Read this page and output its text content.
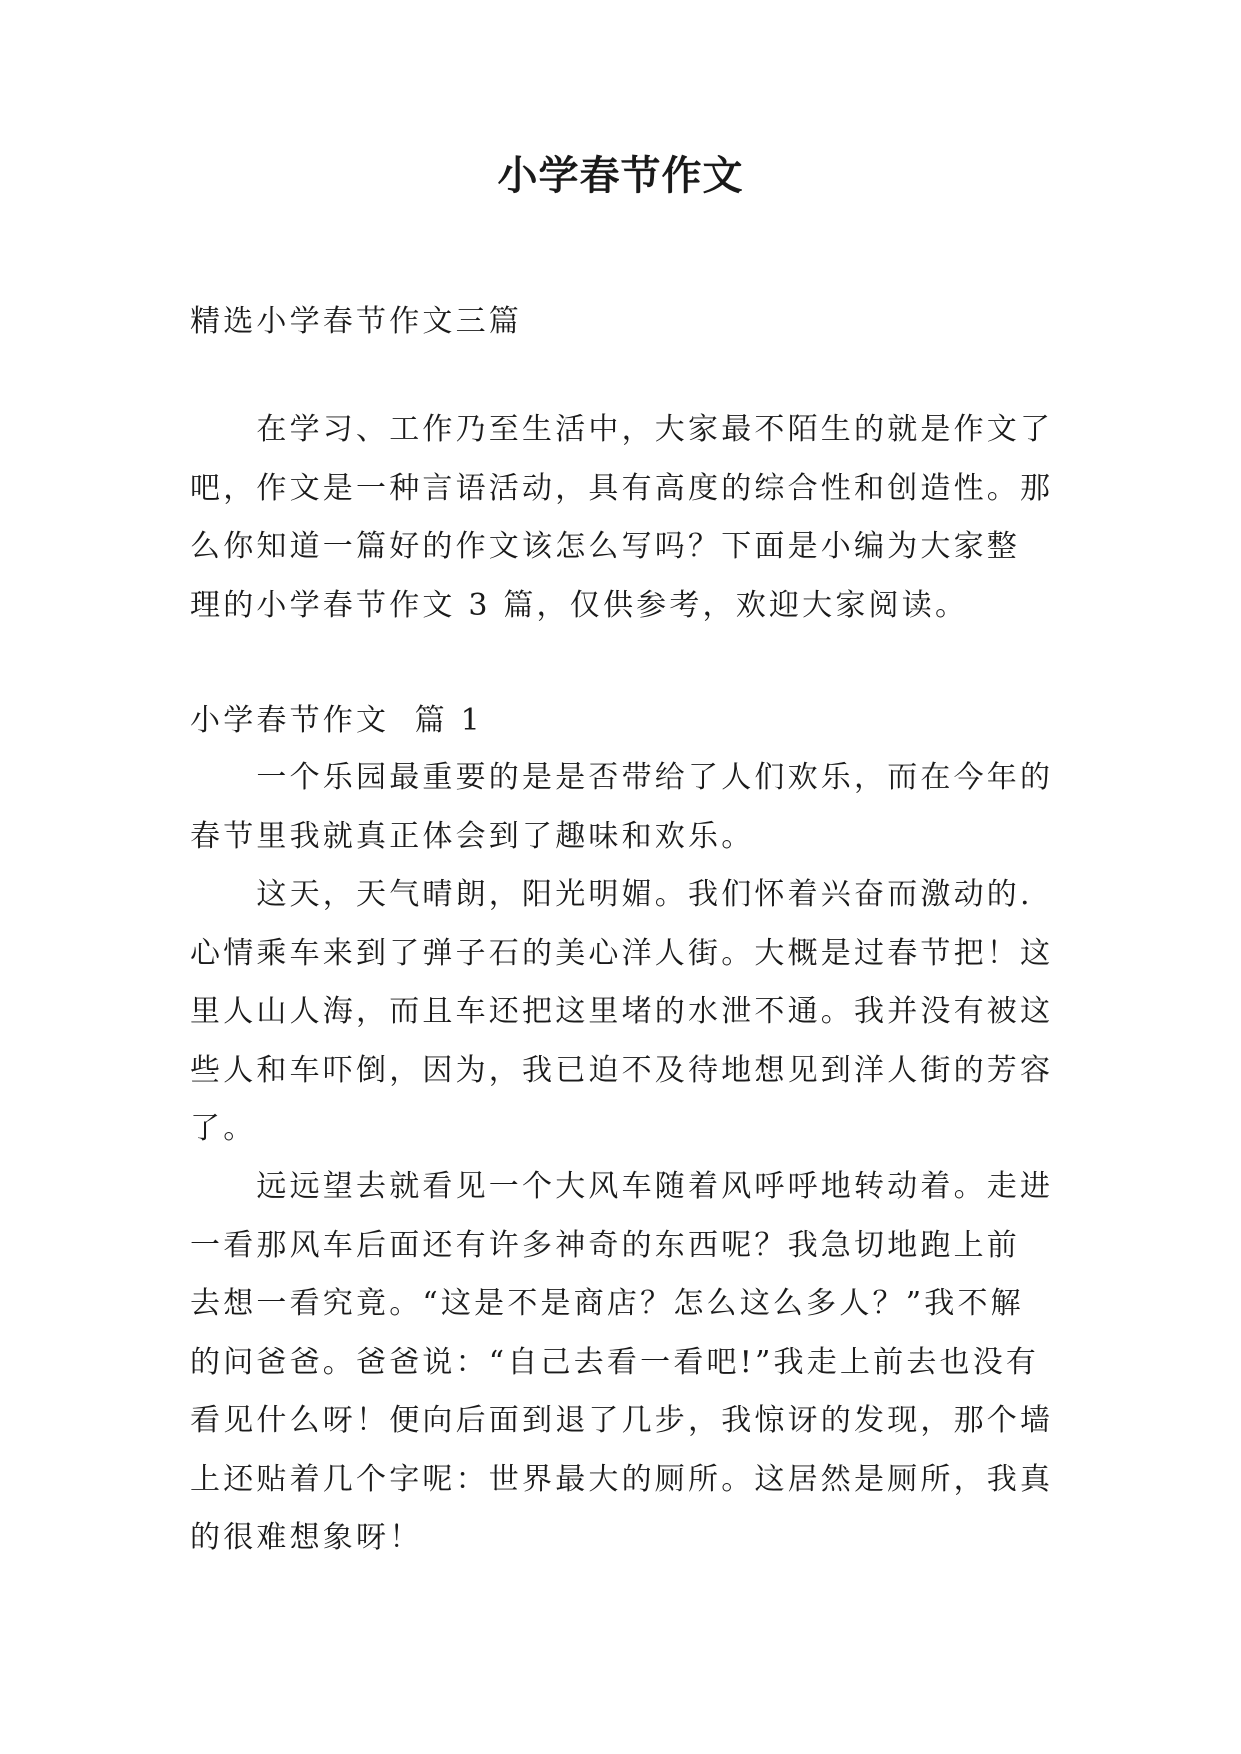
小学春节作文
精选小学春节作文三篇
　　在学习、工作乃至生活中，大家最不陌生的就是作文了
吧，作文是一种言语活动，具有高度的综合性和创造性。那
么你知道一篇好的作文该怎么写吗？下面是小编为大家整
理的小学春节作文 3 篇，仅供参考，欢迎大家阅读。
小学春节作文  篇 1
　　一个乐园最重要的是是否带给了人们欢乐，而在今年的
春节里我就真正体会到了趣味和欢乐。
　　这天，天气晴朗，阳光明媚。我们怀着兴奋而激动的.
心情乘车来到了弹子石的美心洋人街。大概是过春节把！这
里人山人海，而且车还把这里堵的水泄不通。我并没有被这
些人和车吓倒，因为，我已迫不及待地想见到洋人街的芳容
了。
　　远远望去就看见一个大风车随着风呼呼地转动着。走进
一看那风车后面还有许多神奇的东西呢？我急切地跑上前
去想一看究竟。“这是不是商店？怎么这么多人？”我不解
的问爸爸。爸爸说：“自己去看一看吧!”我走上前去也没有
看见什么呀！便向后面到退了几步，我惊讶的发现，那个墙
上还贴着几个字呢：世界最大的厕所。这居然是厕所，我真
的很难想象呀！
